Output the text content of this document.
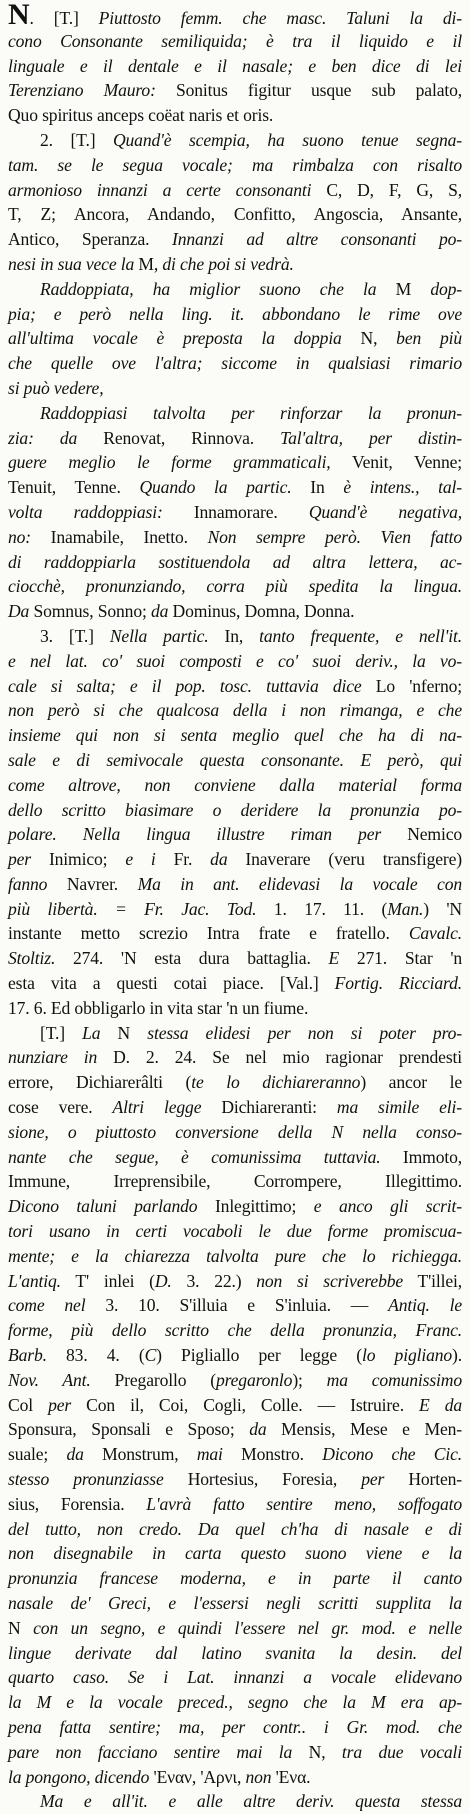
N. [T.] Piuttosto femm. che masc. Taluni la di-
cono Consonante semiliquida; è tra il liquido e il
linguale e il dentale e il nasale; e ben dice di lei
Terenziano Mauro: Sonitus figitur usque sub palato,
Quo spiritus anceps coëat naris et oris.
2. [T.] Quand'è scempia, ha suono tenue segna-
tam. se le segua vocale; ma rimbalza con risalto
armonioso innanzi a certe consonanti C, D, F, G, S,
T, Z; Ancora, Andando, Confitto, Angoscia, Ansante,
Antico, Speranza. Innanzi ad altre consonanti po-
nesi in sua vece la M, di che poi si vedrà.
Raddoppiata, ha miglior suono che la M dop-
pia; e però nella ling. it. abbondano le rime ove
all'ultima vocale è preposta la doppia N, ben più
che quelle ove l'altra; siccome in qualsiasi rimario
si può vedere,
Raddoppiasi talvolta per rinforzar la pronun-
zia: da Renovat, Rinnova. Tal'altra, per distin-
guere meglio le forme grammaticali, Venit, Venne;
Tenuit, Tenne. Quando la partic. In è intens., tal-
volta raddoppiasi: Innamorare. Quand'è negativa,
no: Inamabile, Inetto. Non sempre però. Vien fatto
di raddoppiarla sostituendola ad altra lettera, ac-
ciocchè, pronunziando, corra più spedita la lingua.
Da Somnus, Sonno; da Dominus, Domna, Donna.
3. [T.] Nella partic. In, tanto frequente, e nell'it.
e nel lat. co' suoi composti e co' suoi deriv., la vo-
cale si salta; e il pop. tosc. tuttavia dice Lo 'nferno;
non però si che qualcosa della i non rimanga, e che
insieme qui non si senta meglio quel che ha di na-
sale e di semivocale questa consonante. E però, qui
come altrove, non conviene dalla material forma
dello scritto biasimare o deridere la pronunzia po-
polare. Nella lingua illustre riman per Nemico
per Inimico; e i Fr. da Inaverare (veru transfigere)
fanno Navrer. Ma in ant. elidevasi la vocale con
più libertà. = Fr. Jac. Tod. 1. 17. 11. (Man.) 'N
instante metto screzio Intra frate e fratello. Cavalc.
Stoltiz. 274. 'N esta dura battaglia. E 271. Star 'n
esta vita a questi cotai piace. [Val.] Fortig. Ricciard.
17. 6. Ed obbligarlo in vita star 'n un fiume.
[T.] La N stessa elidesi per non si poter pro-
nunziare in D. 2. 24. Se nel mio ragionar prendesti
errore, Dichiarerâlti (te lo dichiareranno) ancor le
cose vere. Altri legge Dichiareranti: ma simile eli-
sione, o piuttosto conversione della N nella conso-
nante che segue, è comunissima tuttavia. Immoto,
Immune, Irreprensibile, Corrompere, Illegittimo.
Dicono taluni parlando Inlegittimo; e anco gli scrit-
tori usano in certi vocaboli le due forme promiscua-
mente; e la chiarezza talvolta pure che lo richiegga.
L'antiq. T' inlei (D. 3. 22.) non si scriverebbe T'illei,
come nel 3. 10. S'illuia e S'inluia. — Antiq. le
forme, più dello scritto che della pronunzia, Franc.
Barb. 83. 4. (C) Pigliallo per legge (lo pigliano).
Nov. Ant. Pregarollo (pregaronlo); ma comunissimo
Col per Con il, Coi, Cogli, Colle. — Istruire. E da
Sponsura, Sponsali e Sposo; da Mensis, Mese e Men-
suale; da Monstrum, mai Monstro. Dicono che Cic.
stesso pronunziasse Hortesius, Foresia, per Horten-
sius, Forensia. L'avrà fatto sentire meno, soffogato
del tutto, non credo. Da quel ch'ha di nasale e di
non disegnabile in carta questo suono viene e la
pronunzia francese moderna, e in parte il canto
nasale de' Greci, e l'essersi negli scritti supplita la
N con un segno, e quindi l'essere nel gr. mod. e nelle
lingue derivate dal latino svanita la desin. del
quarto caso. Se i Lat. innanzi a vocale elidevano
la M e la vocale preced., segno che la M era ap-
pena fatta sentire; ma, per contr.. i Gr. mod. che
pare non facciano sentire mai la N, tra due vocali
la pongono, dicendo 'Εναν, 'Αρνι, non 'Ενα.
Ma e all'it. e alle altre deriv. questa stessa
